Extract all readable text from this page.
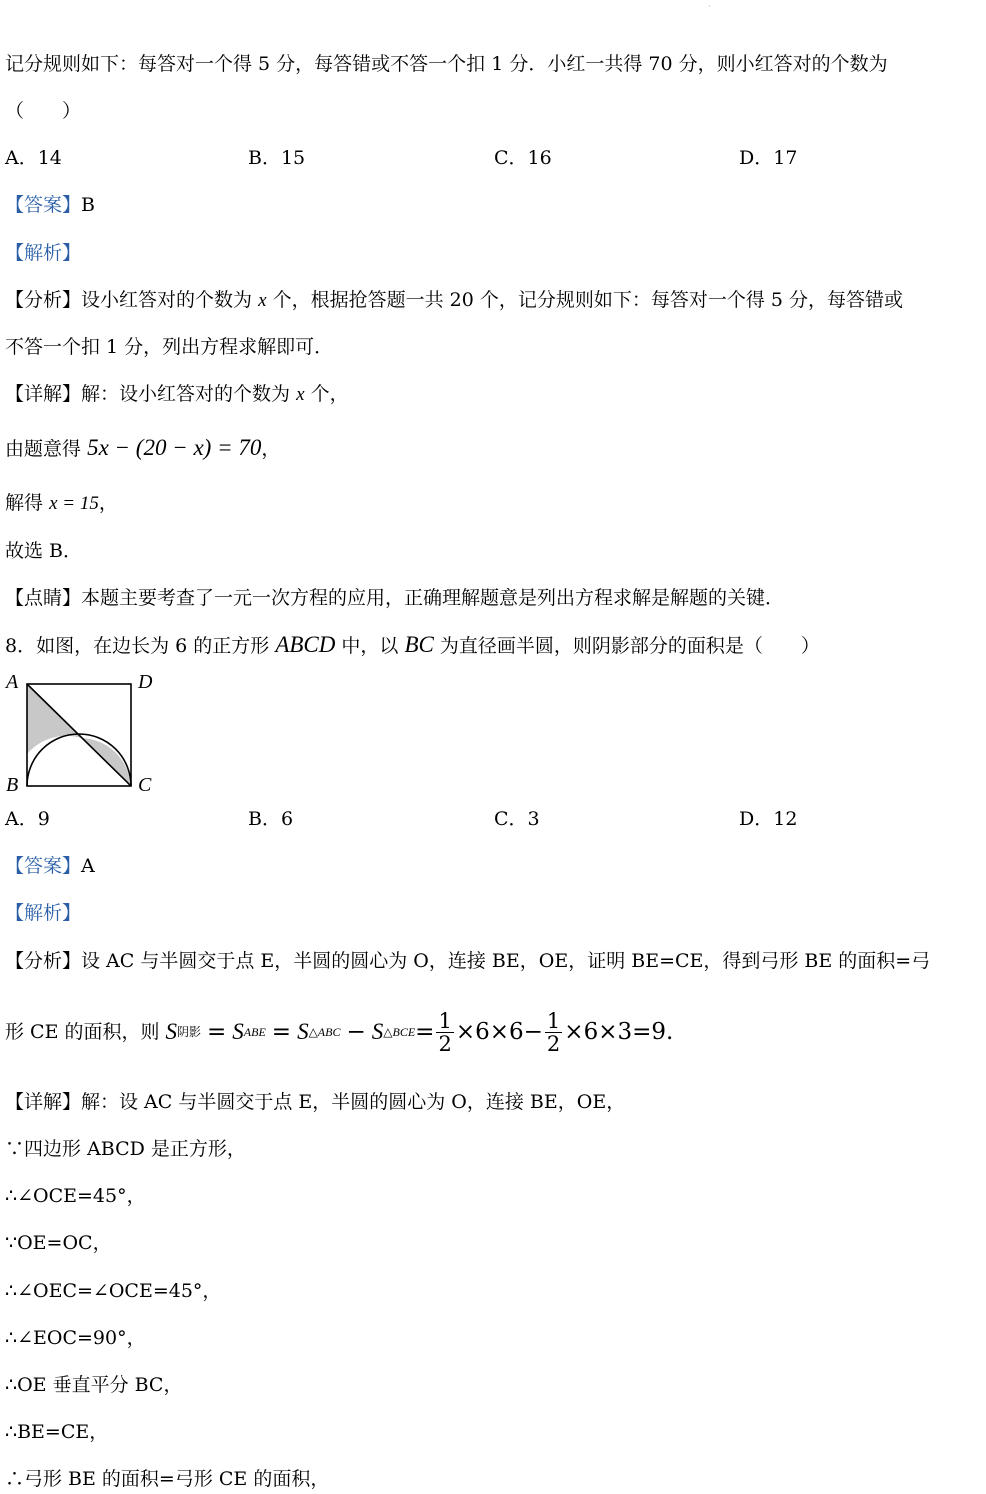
·
记分规则如下：每答对一个得 5 分，每答错或不答一个扣 1 分．小红一共得 70 分，则小红答对的个数为
（　　）
A．14	B．15	C．16	D．17
【答案】B
【解析】
【分析】设小红答对的个数为 x 个，根据抢答题一共 20 个，记分规则如下：每答对一个得 5 分，每答错或
不答一个扣 1 分，列出方程求解即可．
【详解】解：设小红答对的个数为 x 个，
由题意得 5x − (20 − x) = 70，
解得 x = 15，
故选 B．
【点睛】本题主要考查了一元一次方程的应用，正确理解题意是列出方程求解是解题的关键．
8．如图，在边长为 6 的正方形 ABCD 中，以 BC 为直径画半圆，则阴影部分的面积是（　　）
A	D
B	C
A．9	B．6	C．3	D．12
【答案】A
【解析】
【分析】设 AC 与半圆交于点 E，半圆的圆心为 O，连接 BE，OE，证明 BE=CE，得到弓形 BE 的面积=弓
形 CE 的面积，则 S 阴影 = S ABE = S △ABC − S △BCE = $\frac{1}{2} \times 6\times 6- \frac{1}{2} \times 6\times 3=9$ .
【详解】解：设 AC 与半圆交于点 E，半圆的圆心为 O，连接 BE，OE，
∵四边形 ABCD 是正方形，
∴∠OCE=45°，
∵OE=OC，
∴∠OEC=∠OCE=45°，
∴∠EOC=90°，
∴OE 垂直平分 BC，
∴BE=CE，
∴弓形 BE 的面积=弓形 CE 的面积，
